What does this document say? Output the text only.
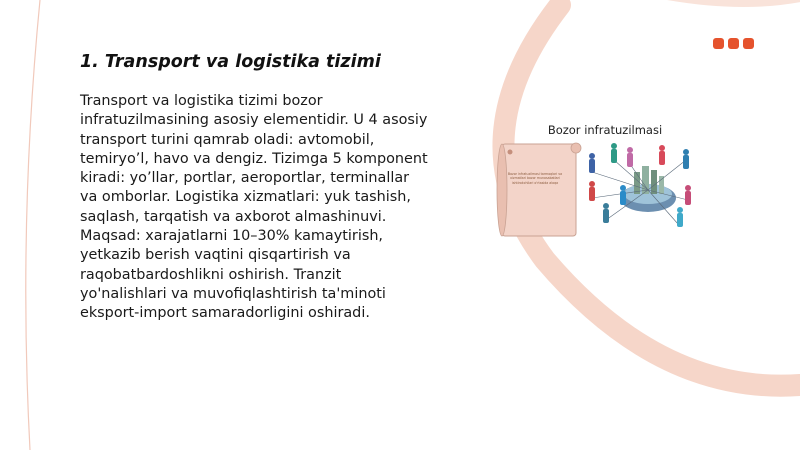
1. Transport va logistika tizimi
Transport va logistika tizimi bozor infratuzilmasining asosiy elementidir. U 4 asosiy transport turini qamrab oladi: avtomobil, temiryo’l, havo va dengiz. Tizimga 5 komponent kiradi: yo’llar, portlar, aeroportlar, terminallar va omborlar. Logistika xizmatlari: yuk tashish, saqlash, tarqatish va axborot almashinuvi. Maqsad: xarajatlarni 10–30% kamaytirish, yetkazib berish vaqtini qisqartirish va raqobatbardoshlikni oshirish. Tranzit yo'nalishlari va muvofiqlashtirish ta'minoti eksport-import samaradorligini oshiradi.
Bozor infratuzilmasi
Bozor infratuzilmasi tarmoqlari va xizmatlari bozor munosabatlari ishtirokchilari o'rtasida aloqa
